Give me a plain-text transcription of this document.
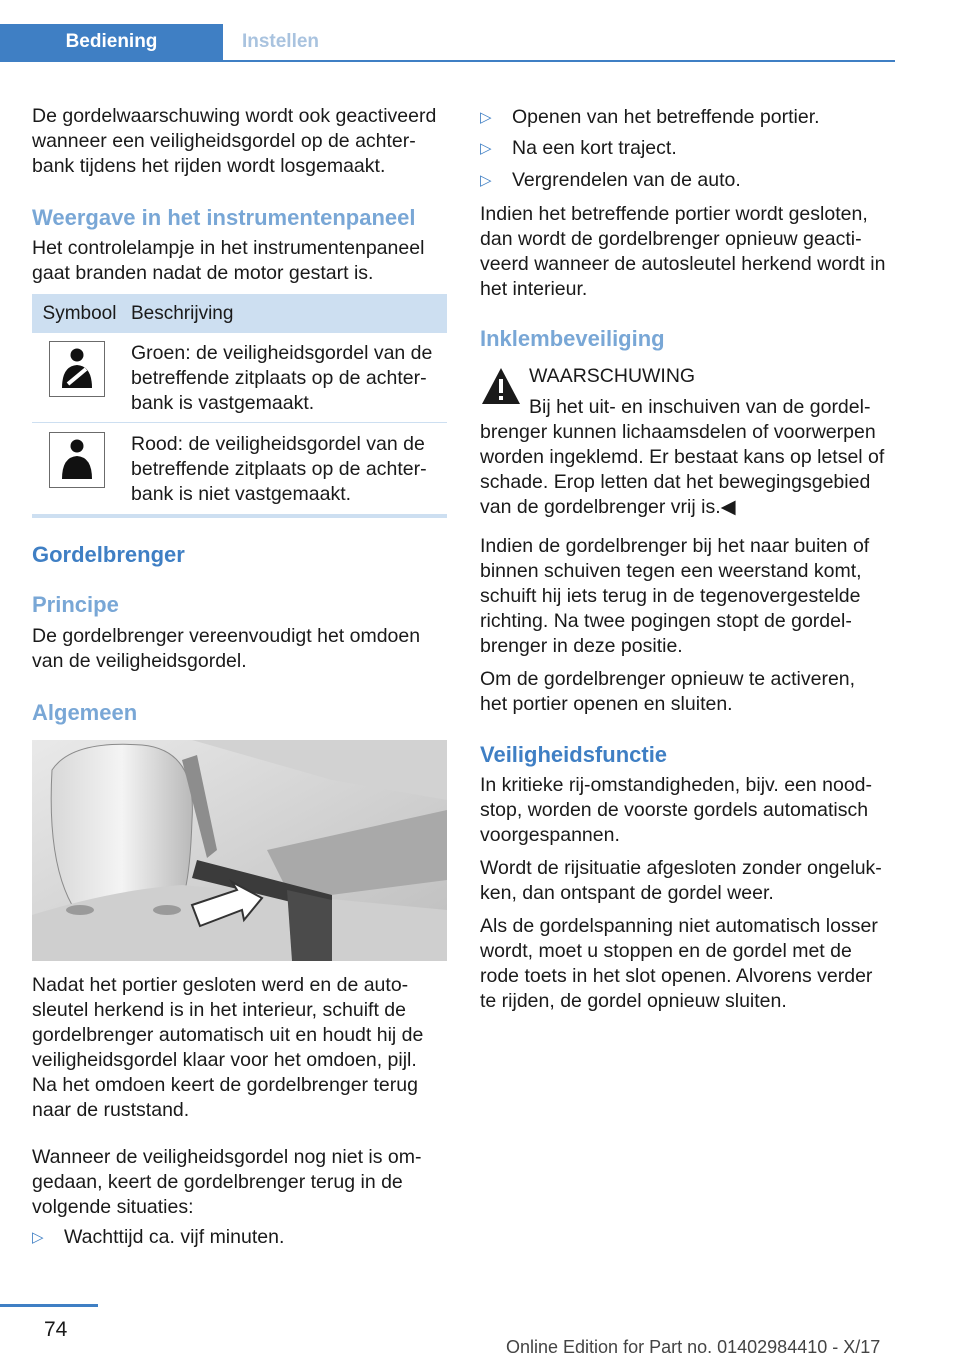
Bediening	Instellen
De gordelwaarschuwing wordt ook geactiveerd
wanneer een veiligheidsgordel op de achter-
bank tijdens het rijden wordt losgemaakt.
Weergave in het instrumentenpaneel
Het controlelampje in het instrumentenpaneel
gaat branden nadat de motor gestart is.
Symbool Beschrijving
Groen: de veiligheidsgordel van de
betreffende zitplaats op de achter-
bank is vastgemaakt.
Rood: de veiligheidsgordel van de
betreffende zitplaats op de achter-
bank is niet vastgemaakt.
Gordelbrenger
Principe
De gordelbrenger vereenvoudigt het omdoen
van de veiligheidsgordel.
Algemeen
Nadat het portier gesloten werd en de auto-
sleutel herkend is in het interieur, schuift de
gordelbrenger automatisch uit en houdt hij de
veiligheidsgordel klaar voor het omdoen, pijl.
Na het omdoen keert de gordelbrenger terug
naar de ruststand.
Wanneer de veiligheidsgordel nog niet is om-
gedaan, keert de gordelbrenger terug in de
volgende situaties:
▷	Wachttijd ca. vijf minuten.
▷	Openen van het betreffende portier.
▷	Na een kort traject.
▷	Vergrendelen van de auto.
Indien het betreffende portier wordt gesloten,
dan wordt de gordelbrenger opnieuw geacti-
veerd wanneer de autosleutel herkend wordt in
het interieur.
Inklembeveiliging
WAARSCHUWING
Bij het uit- en inschuiven van de gordel-
brenger kunnen lichaamsdelen of voorwerpen
worden ingeklemd. Er bestaat kans op letsel of
schade. Erop letten dat het bewegingsgebied
van de gordelbrenger vrij is.◀
Indien de gordelbrenger bij het naar buiten of
binnen schuiven tegen een weerstand komt,
schuift hij iets terug in de tegenovergestelde
richting. Na twee pogingen stopt de gordel-
brenger in deze positie.
Om de gordelbrenger opnieuw te activeren,
het portier openen en sluiten.
Veiligheidsfunctie
In kritieke rij-omstandigheden, bijv. een nood-
stop, worden de voorste gordels automatisch
voorgespannen.
Wordt de rijsituatie afgesloten zonder ongeluk-
ken, dan ontspant de gordel weer.
Als de gordelspanning niet automatisch losser
wordt, moet u stoppen en de gordel met de
rode toets in het slot openen. Alvorens verder
te rijden, de gordel opnieuw sluiten.
74
Online Edition for Part no. 01402984410 - X/17
